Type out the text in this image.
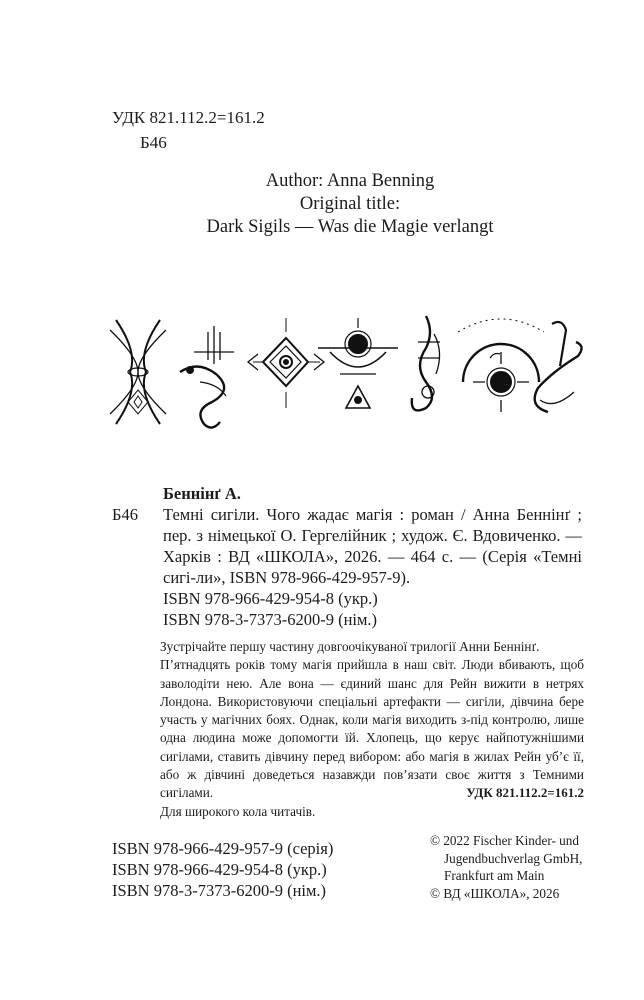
УДК 821.112.2=161.2
Б46
Author: Anna Benning
Original title:
Dark Sigils — Was die Magie verlangt
Беннінґ А.
Б46	Темні сигіли. Чого жадає магія : роман / Анна Беннінґ ; пер. з німецької О. Гергелійник ; худож. Є. Вдовиченко. — Харків : ВД «ШКОЛА», 2026. — 464 с. — (Серія «Темні сигі-ли», ISBN 978-966-429-957-9).
ISBN 978-966-429-954-8 (укр.)
ISBN 978-3-7373-6200-9 (нім.)

Зустрічайте першу частину довгоочікуваної трилогії Анни Беннінґ.

П’ятнадцять років тому магія прийшла в наш світ. Люди вбивають, щоб заволодіти нею. Але вона — єдиний шанс для Рейн вижити в нетрях Лондона. Використовуючи спеціальні артефакти — сигіли, дівчина бере участь у магічних боях. Однак, коли магія виходить з-під контролю, лише одна людина може допомогти їй. Хлопець, що керує найпотужнішими сигілами, ставить дівчину перед вибором: або магія в жилах Рейн уб’є її, або ж дівчині доведеться назавжди пов’язати своє життя з Темними сигілами.

Для широкого кола читачів.

УДК 821.112.2=161.2
ISBN 978-966-429-957-9 (серія)
ISBN 978-966-429-954-8 (укр.)
ISBN 978-3-7373-6200-9 (нім.)
© 2022 Fischer Kinder- und
Jugendbuchverlag GmbH,
Frankfurt am Main
© ВД «ШКОЛА», 2026
